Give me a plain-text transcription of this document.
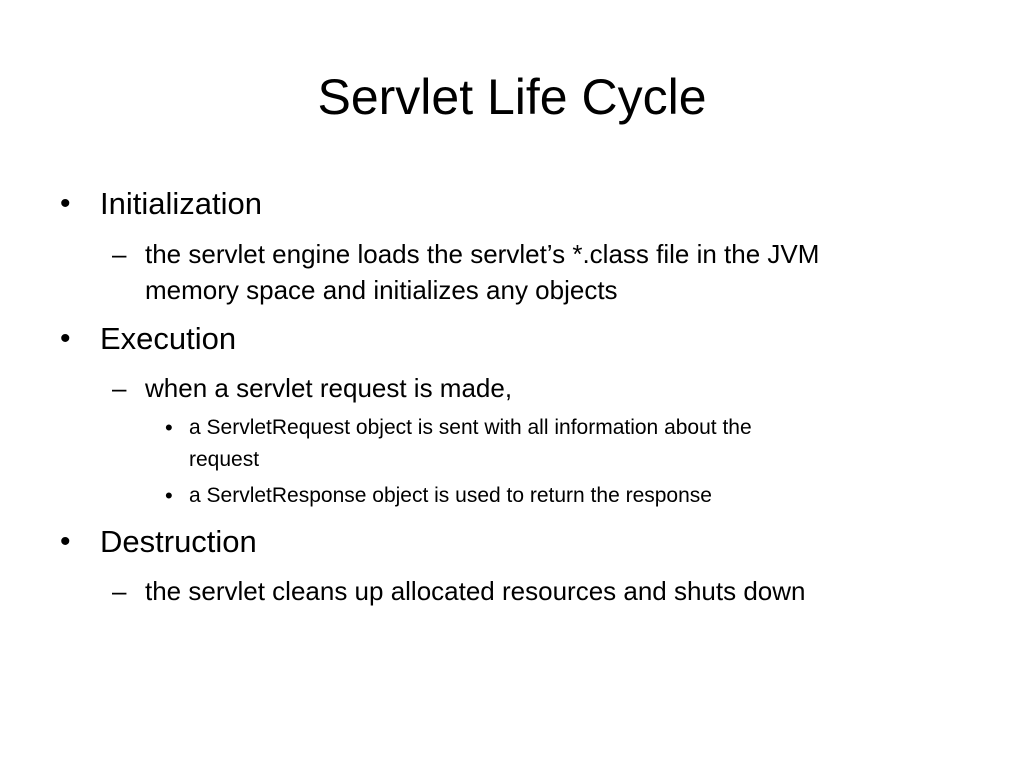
Servlet Life Cycle
• Initialization
– the servlet engine loads the servlet’s *.class file in the JVM
memory space and initializes any objects
• Execution
– when a servlet request is made,
• a ServletRequest object is sent with all information about the
request
• a ServletResponse object is used to return the response
• Destruction
– the servlet cleans up allocated resources and shuts down
